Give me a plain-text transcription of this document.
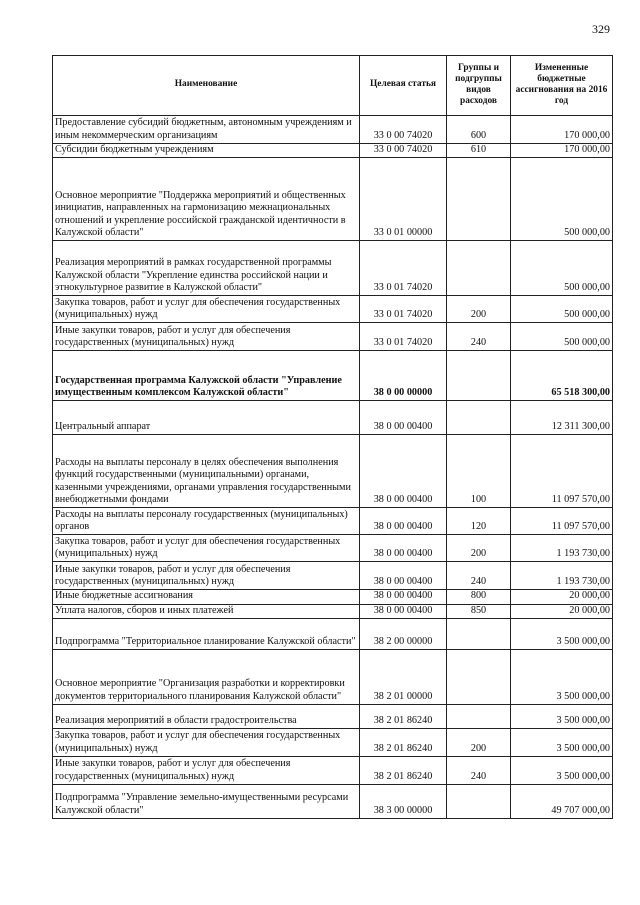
329
Наименование	Целевая статья	Группы и подгруппы видов расходов	Измененные бюджетные ассигнования на 2016 год
Предоставление субсидий бюджетным, автономным учреждениям и иным некоммерческим организациям	33 0 00 74020	600	170 000,00
Субсидии бюджетным учреждениям	33 0 00 74020	610	170 000,00
Основное мероприятие "Поддержка мероприятий и общественных инициатив, направленных на гармонизацию межнациональных отношений и укрепление российской гражданской идентичности в Калужской области"	33 0 01 00000		500 000,00
Реализация мероприятий в рамках государственной программы Калужской области "Укрепление единства российской нации и этнокультурное развитие в Калужской области"	33 0 01 74020		500 000,00
Закупка товаров, работ и услуг для обеспечения государственных (муниципальных) нужд	33 0 01 74020	200	500 000,00
Иные закупки товаров, работ и услуг для обеспечения государственных (муниципальных) нужд	33 0 01 74020	240	500 000,00
Государственная программа Калужской области "Управление имущественным комплексом Калужской области"	38 0 00 00000		65 518 300,00
Центральный аппарат	38 0 00 00400		12 311 300,00
Расходы на выплаты персоналу в целях обеспечения выполнения функций государственными (муниципальными) органами, казенными учреждениями, органами управления государственными внебюджетными фондами	38 0 00 00400	100	11 097 570,00
Расходы на выплаты персоналу государственных (муниципальных) органов	38 0 00 00400	120	11 097 570,00
Закупка товаров, работ и услуг для обеспечения государственных (муниципальных) нужд	38 0 00 00400	200	1 193 730,00
Иные закупки товаров, работ и услуг для обеспечения государственных (муниципальных) нужд	38 0 00 00400	240	1 193 730,00
Иные бюджетные ассигнования	38 0 00 00400	800	20 000,00
Уплата налогов, сборов и иных платежей	38 0 00 00400	850	20 000,00
Подпрограмма "Территориальное планирование Калужской области"	38 2 00 00000		3 500 000,00
Основное мероприятие "Организация разработки и корректировки документов территориального планирования Калужской области"	38 2 01 00000		3 500 000,00
Реализация мероприятий в области градостроительства	38 2 01 86240		3 500 000,00
Закупка товаров, работ и услуг для обеспечения государственных (муниципальных) нужд	38 2 01 86240	200	3 500 000,00
Иные закупки товаров, работ и услуг для обеспечения государственных (муниципальных) нужд	38 2 01 86240	240	3 500 000,00
Подпрограмма "Управление земельно-имущественными ресурсами Калужской области"	38 3 00 00000		49 707 000,00
